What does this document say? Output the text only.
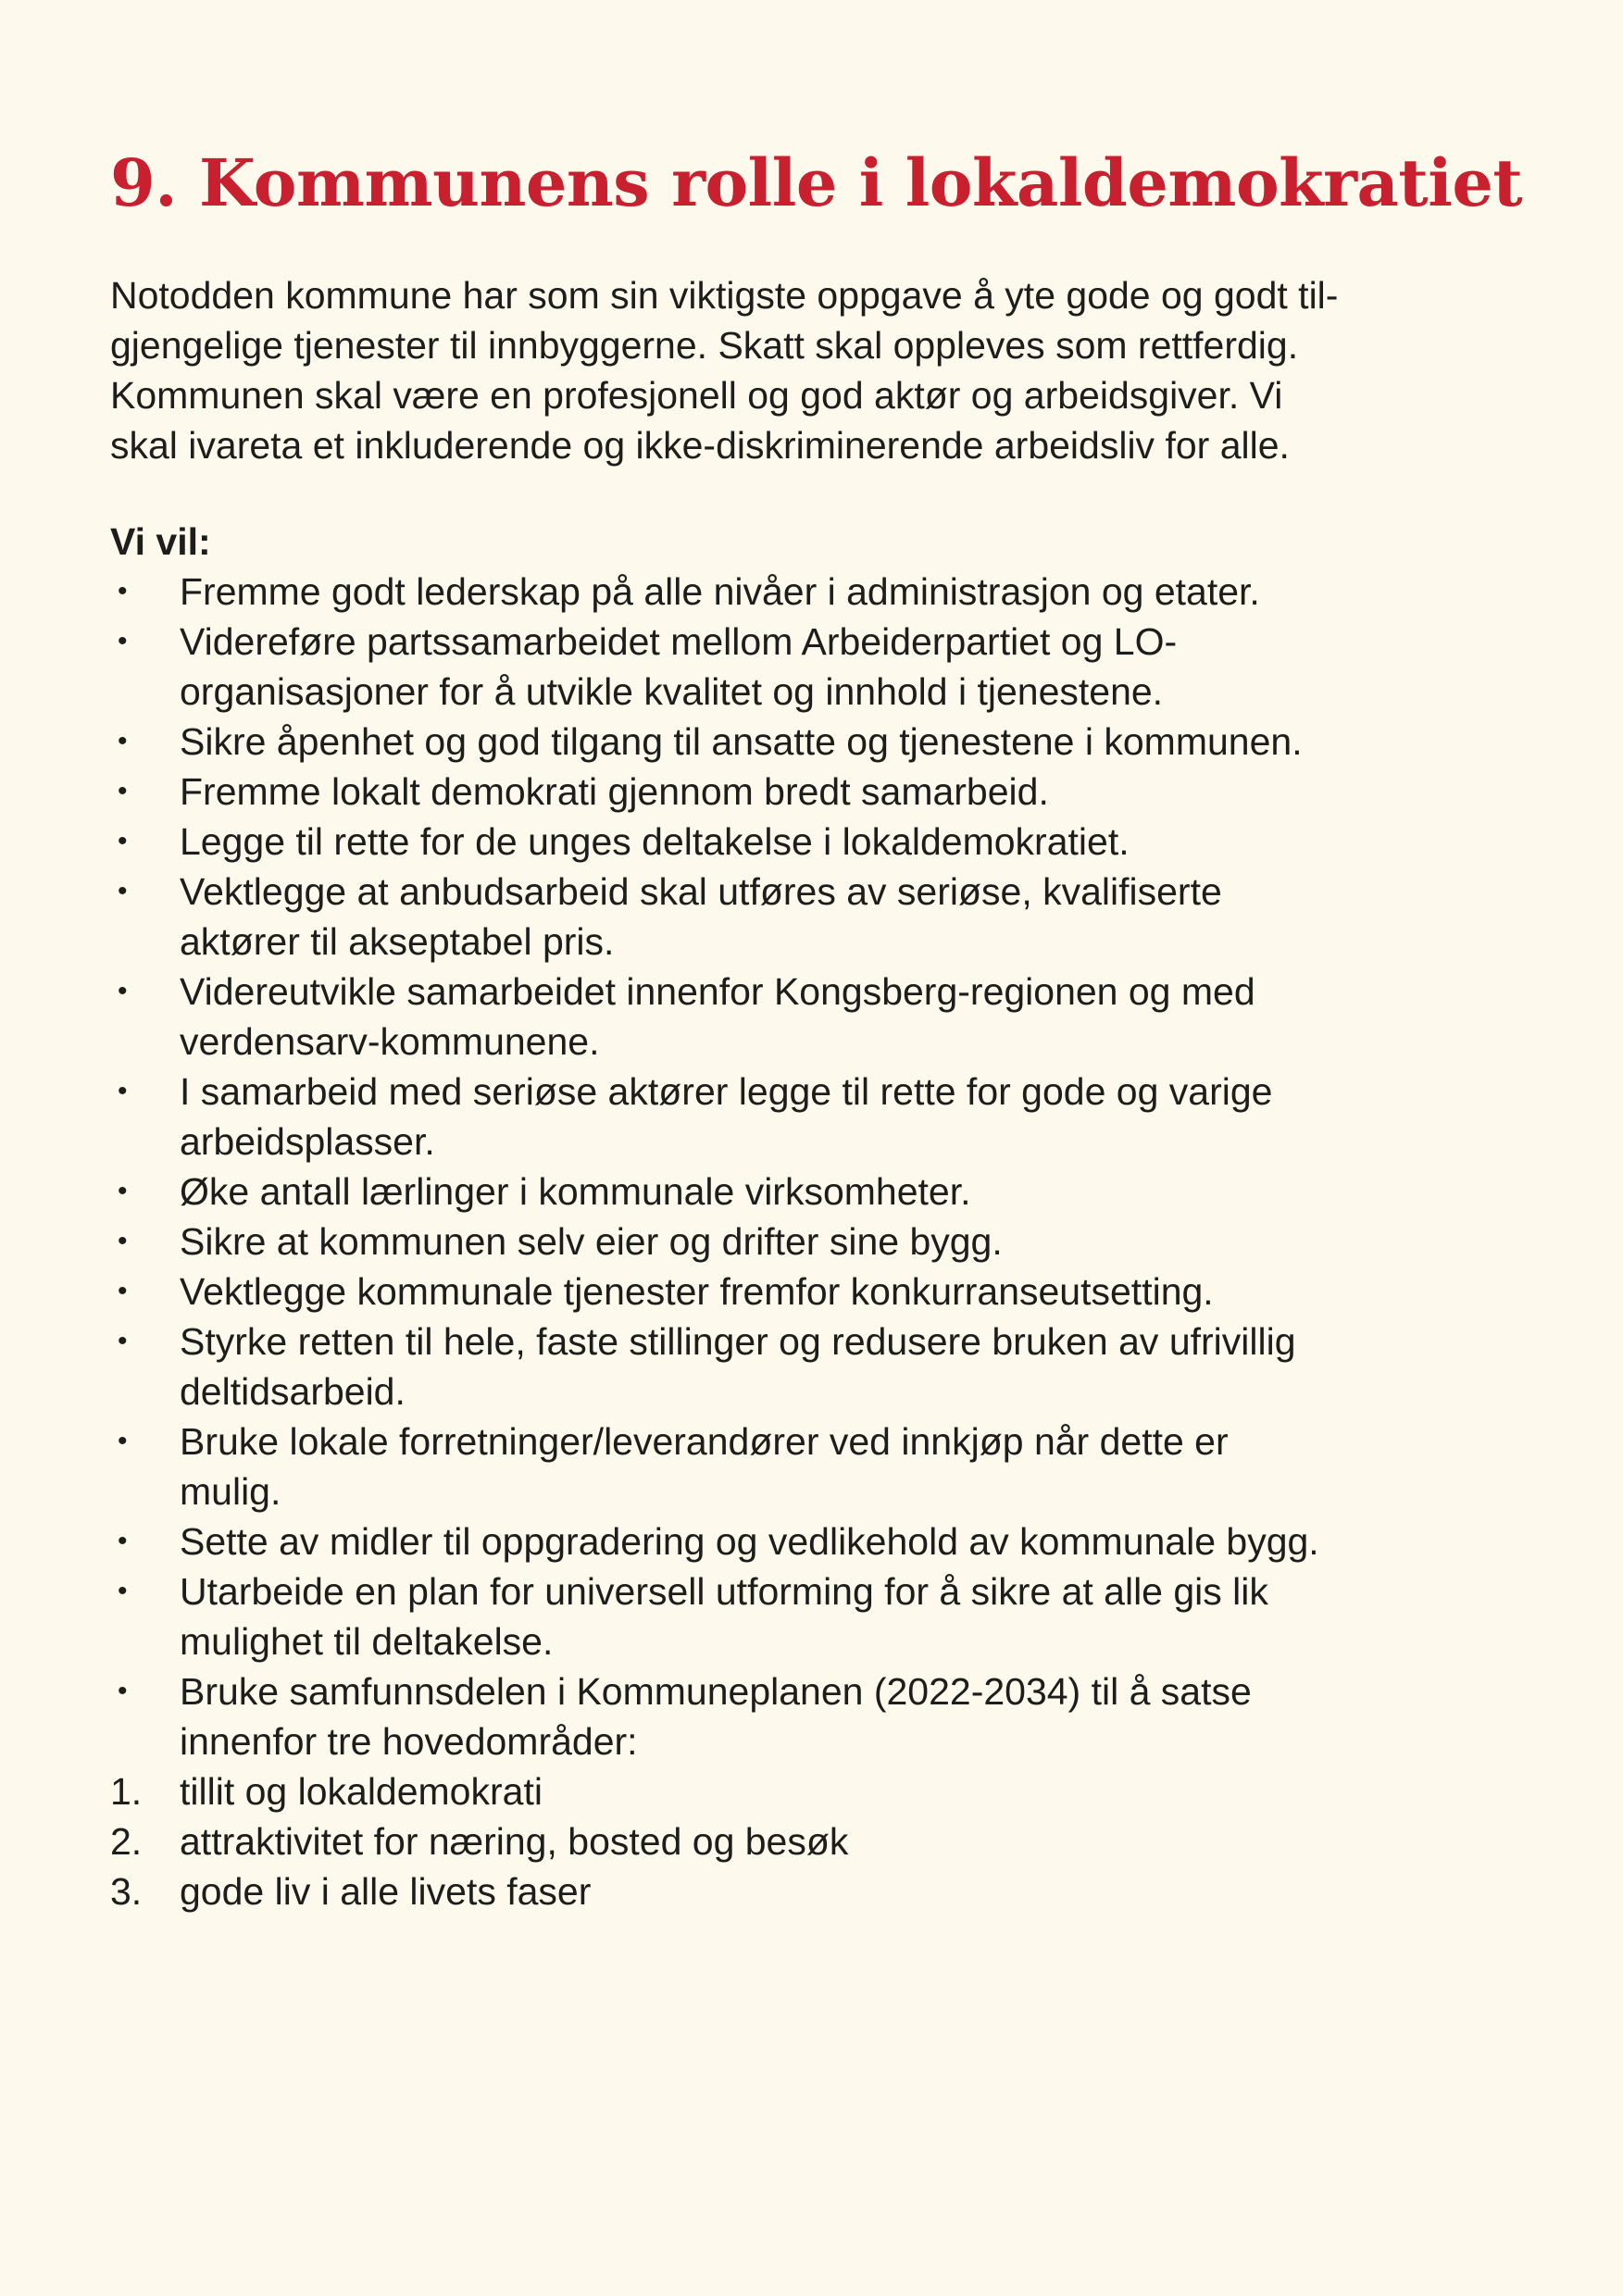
9. Kommunens rolle i lokaldemokratiet

Notodden kommune har som sin viktigste oppgave å yte gode og godt til-
gjengelige tjenester til innbyggerne. Skatt skal oppleves som rettferdig.
Kommunen skal være en profesjonell og god aktør og arbeidsgiver. Vi
skal ivareta et inkluderende og ikke-diskriminerende arbeidsliv for alle.

Vi vil:
•	Fremme godt lederskap på alle nivåer i administrasjon og etater.
•	Videreføre partssamarbeidet mellom Arbeiderpartiet og LO-
organisasjoner for å utvikle kvalitet og innhold i tjenestene.
•	Sikre åpenhet og god tilgang til ansatte og tjenestene i kommunen.
•	Fremme lokalt demokrati gjennom bredt samarbeid.
•	Legge til rette for de unges deltakelse i lokaldemokratiet.
•	Vektlegge at anbudsarbeid skal utføres av seriøse, kvalifiserte
aktører til akseptabel pris.
•	Videreutvikle samarbeidet innenfor Kongsberg-regionen og med
verdensarv-kommunene.
•	I samarbeid med seriøse aktører legge til rette for gode og varige
arbeidsplasser.
•	Øke antall lærlinger i kommunale virksomheter.
•	Sikre at kommunen selv eier og drifter sine bygg.
•	Vektlegge kommunale tjenester fremfor konkurranseutsetting.
•	Styrke retten til hele, faste stillinger og redusere bruken av ufrivillig
deltidsarbeid.
•	Bruke lokale forretninger/leverandører ved innkjøp når dette er
mulig.
•	Sette av midler til oppgradering og vedlikehold av kommunale bygg.
•	Utarbeide en plan for universell utforming for å sikre at alle gis lik
mulighet til deltakelse.
•	Bruke samfunnsdelen i Kommuneplanen (2022-2034) til å satse
innenfor tre hovedområder:
1. tillit og lokaldemokrati
2. attraktivitet for næring, bosted og besøk
3. gode liv i alle livets faser
